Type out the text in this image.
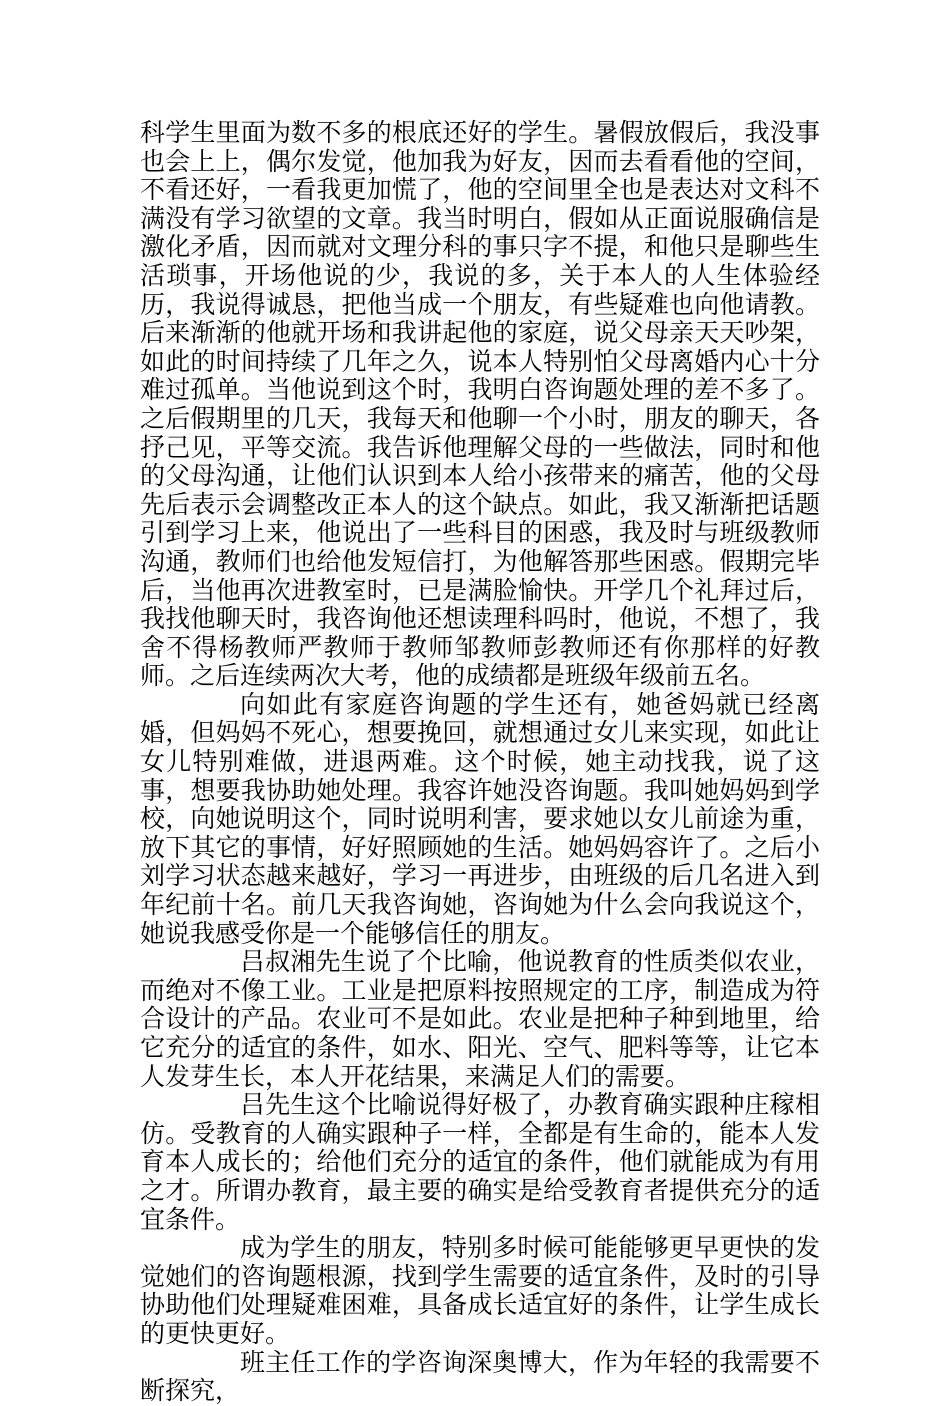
科学生里面为数不多的根底还好的学生。暑假放假后，我没事也会上上，偶尔发觉，他加我为好友，因而去看看他的空间，不看还好，一看我更加慌了，他的空间里全也是表达对文科不满没有学习欲望的文章。我当时明白，假如从正面说服确信是激化矛盾，因而就对文理分科的事只字不提，和他只是聊些生活琐事，开场他说的少，我说的多，关于本人的人生体验经历，我说得诚恳，把他当成一个朋友，有些疑难也向他请教。后来渐渐的他就开场和我讲起他的家庭，说父母亲天天吵架，如此的时间持续了几年之久，说本人特别怕父母离婚内心十分难过孤单。当他说到这个时，我明白咨询题处理的差不多了。之后假期里的几天，我每天和他聊一个小时，朋友的聊天，各抒己见，平等交流。我告诉他理解父母的一些做法，同时和他的父母沟通，让他们认识到本人给小孩带来的痛苦，他的父母先后表示会调整改正本人的这个缺点。如此，我又渐渐把话题引到学习上来，他说出了一些科目的困惑，我及时与班级教师沟通，教师们也给他发短信打，为他解答那些困惑。假期完毕后，当他再次进教室时，已是满脸愉快。开学几个礼拜过后，我找他聊天时，我咨询他还想读理科吗时，他说，不想了，我舍不得杨教师严教师于教师邹教师彭教师还有你那样的好教师。之后连续两次大考，他的成绩都是班级年级前五名。

向如此有家庭咨询题的学生还有，她爸妈就已经离婚，但妈妈不死心，想要挽回，就想通过女儿来实现，如此让女儿特别难做，进退两难。这个时候，她主动找我，说了这事，想要我协助她处理。我容许她没咨询题。我叫她妈妈到学校，向她说明这个，同时说明利害，要求她以女儿前途为重，放下其它的事情，好好照顾她的生活。她妈妈容许了。之后小刘学习状态越来越好，学习一再进步，由班级的后几名进入到年纪前十名。前几天我咨询她，咨询她为什么会向我说这个，她说我感受你是一个能够信任的朋友。

吕叔湘先生说了个比喻，他说教育的性质类似农业，而绝对不像工业。工业是把原料按照规定的工序，制造成为符合设计的产品。农业可不是如此。农业是把种子种到地里，给它充分的适宜的条件，如水、阳光、空气、肥料等等，让它本人发芽生长，本人开花结果，来满足人们的需要。

吕先生这个比喻说得好极了，办教育确实跟种庄稼相仿。受教育的人确实跟种子一样，全都是有生命的，能本人发育本人成长的；给他们充分的适宜的条件，他们就能成为有用之才。所谓办教育，最主要的确实是给受教育者提供充分的适宜条件。

成为学生的朋友，特别多时候可能能够更早更快的发觉她们的咨询题根源，找到学生需要的适宜条件，及时的引导协助他们处理疑难困难，具备成长适宜好的条件，让学生成长的更快更好。

班主任工作的学咨询深奥博大，作为年轻的我需要不断探究，
